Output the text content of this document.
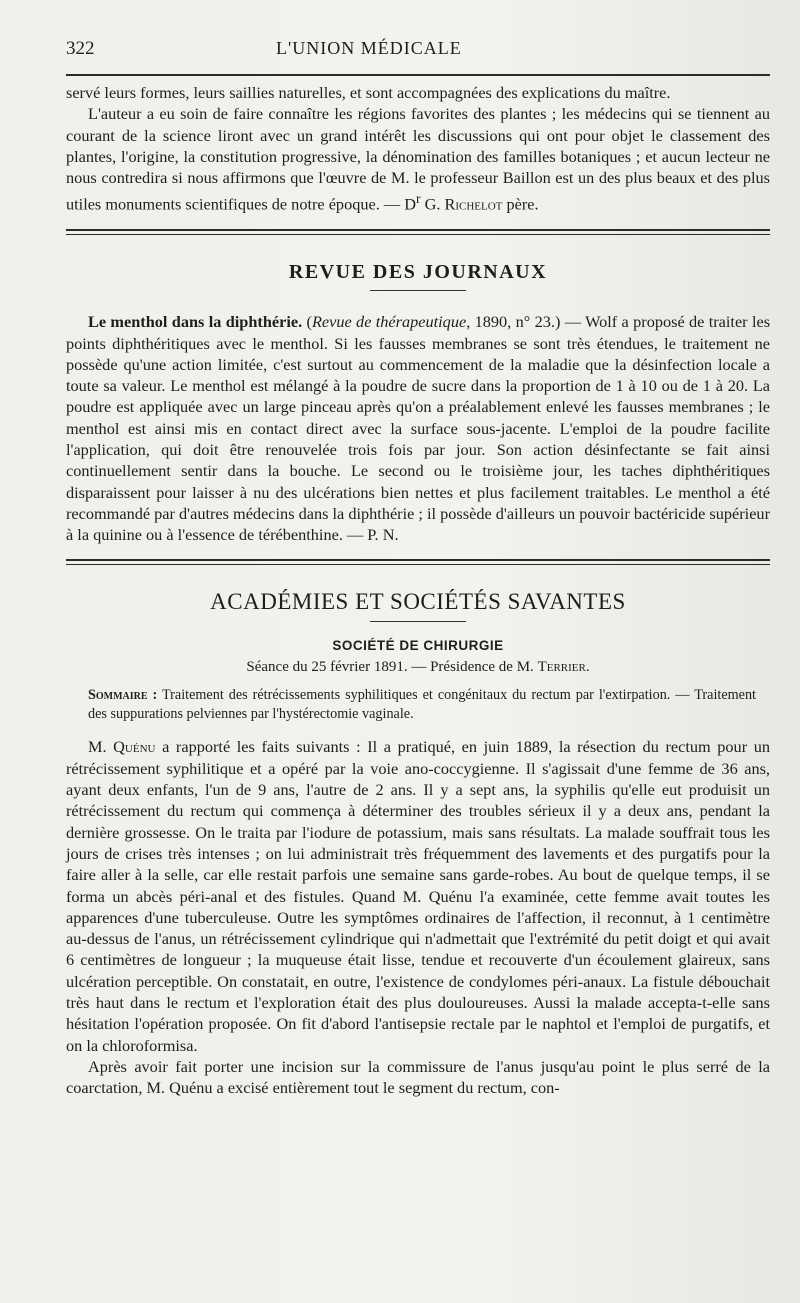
322	L'UNION MÉDICALE

servé leurs formes, leurs saillies naturelles, et sont accompagnées des explications du maître.

L'auteur a eu soin de faire connaître les régions favorites des plantes ; les médecins qui se tiennent au courant de la science liront avec un grand intérêt les discussions qui ont pour objet le classement des plantes, l'origine, la constitution progressive, la dénomination des familles botaniques ; et aucun lecteur ne nous contredira si nous affirmons que l'œuvre de M. le professeur Baillon est un des plus beaux et des plus utiles monuments scientifiques de notre époque. — $D^r$ G. Richelot père.

REVUE DES JOURNAUX

Le menthol dans la diphthérie. (Revue de thérapeutique, 1890, n° 23.) — Wolf a proposé de traiter les points diphthéritiques avec le menthol. Si les fausses membranes se sont très étendues, le traitement ne possède qu'une action limitée, c'est surtout au commencement de la maladie que la désinfection locale a toute sa valeur. Le menthol est mélangé à la poudre de sucre dans la proportion de 1 à 10 ou de 1 à 20. La poudre est appliquée avec un large pinceau après qu'on a préalablement enlevé les fausses membranes ; le menthol est ainsi mis en contact direct avec la surface sous-jacente. L'emploi de la poudre facilite l'application, qui doit être renouvelée trois fois par jour. Son action désinfectante se fait ainsi continuellement sentir dans la bouche. Le second ou le troisième jour, les taches diphthéritiques disparaissent pour laisser à nu des ulcérations bien nettes et plus facilement traitables. Le menthol a été recommandé par d'autres médecins dans la diphthérie ; il possède d'ailleurs un pouvoir bactéricide supérieur à la quinine ou à l'essence de térébenthine. — P. N.

ACADÉMIES ET SOCIÉTÉS SAVANTES
SOCIÉTÉ DE CHIRURGIE
Séance du 25 février 1891. — Présidence de M. Terrier.
Sommaire : Traitement des rétrécissements syphilitiques et congénitaux du rectum par l'extirpation. — Traitement des suppurations pelviennes par l'hystérectomie vaginale.

M. Quénu a rapporté les faits suivants : Il a pratiqué, en juin 1889, la résection du rectum pour un rétrécissement syphilitique et a opéré par la voie ano-coccygienne. Il s'agissait d'une femme de 36 ans, ayant deux enfants, l'un de 9 ans, l'autre de 2 ans. Il y a sept ans, la syphilis qu'elle eut produisit un rétrécissement du rectum qui commença à déterminer des troubles sérieux il y a deux ans, pendant la dernière grossesse. On le traita par l'iodure de potassium, mais sans résultats. La malade souffrait tous les jours de crises très intenses ; on lui administrait très fréquemment des lavements et des purgatifs pour la faire aller à la selle, car elle restait parfois une semaine sans garde-robes. Au bout de quelque temps, il se forma un abcès péri-anal et des fistules. Quand M. Quénu l'a examinée, cette femme avait toutes les apparences d'une tuberculeuse. Outre les symptômes ordinaires de l'affection, il reconnut, à 1 centimètre au-dessus de l'anus, un rétrécissement cylindrique qui n'admettait que l'extrémité du petit doigt et qui avait 6 centimètres de longueur ; la muqueuse était lisse, tendue et recouverte d'un écoulement glaireux, sans ulcération perceptible. On constatait, en outre, l'existence de condylomes péri-anaux. La fistule débouchait très haut dans le rectum et l'exploration était des plus douloureuses. Aussi la malade accepta-t-elle sans hésitation l'opération proposée. On fit d'abord l'antisepsie rectale par le naphtol et l'emploi de purgatifs, et on la chloroformisa.

Après avoir fait porter une incision sur la commissure de l'anus jusqu'au point le plus serré de la coarctation, M. Quénu a excisé entièrement tout le segment du rectum, con-
